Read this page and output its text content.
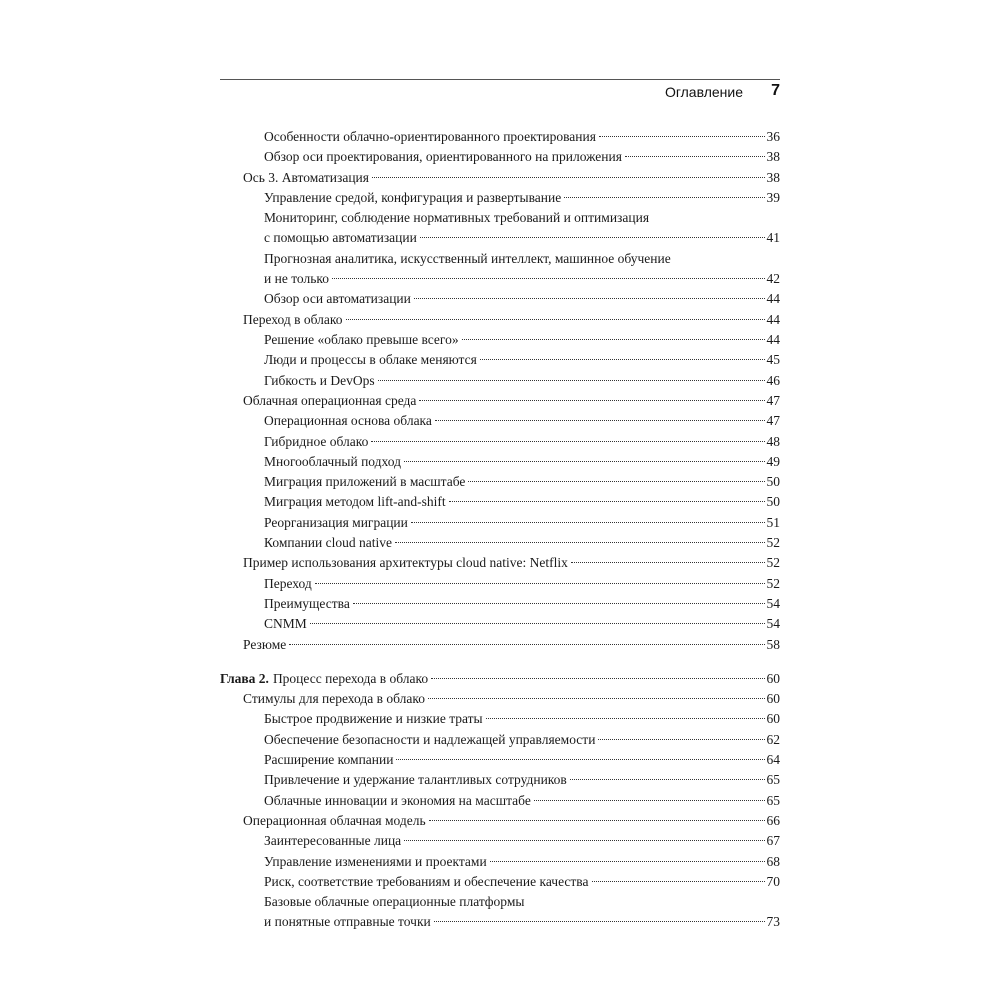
Оглавление 7
Особенности облачно-ориентированного проектирования	36
Обзор оси проектирования, ориентированного на приложения	38
Ось 3. Автоматизация	38
Управление средой, конфигурация и развертывание	39
Мониторинг, соблюдение нормативных требований и оптимизация
с помощью автоматизации	41
Прогнозная аналитика, искусственный интеллект, машинное обучение
и не только	42
Обзор оси автоматизации	44
Переход в облако	44
Решение «облако превыше всего»	44
Люди и процессы в облаке меняются	45
Гибкость и DevOps	46
Облачная операционная среда	47
Операционная основа облака	47
Гибридное облако	48
Многооблачный подход	49
Миграция приложений в масштабе	50
Миграция методом lift-and-shift	50
Реорганизация миграции	51
Компании cloud native	52
Пример использования архитектуры cloud native: Netflix	52
Переход	52
Преимущества	54
CNMM	54
Резюме	58
Глава 2. Процесс перехода в облако	60
Стимулы для перехода в облако	60
Быстрое продвижение и низкие траты	60
Обеспечение безопасности и надлежащей управляемости	62
Расширение компании	64
Привлечение и удержание талантливых сотрудников	65
Облачные инновации и экономия на масштабе	65
Операционная облачная модель	66
Заинтересованные лица	67
Управление изменениями и проектами	68
Риск, соответствие требованиям и обеспечение качества	70
Базовые облачные операционные платформы
и понятные отправные точки	73
